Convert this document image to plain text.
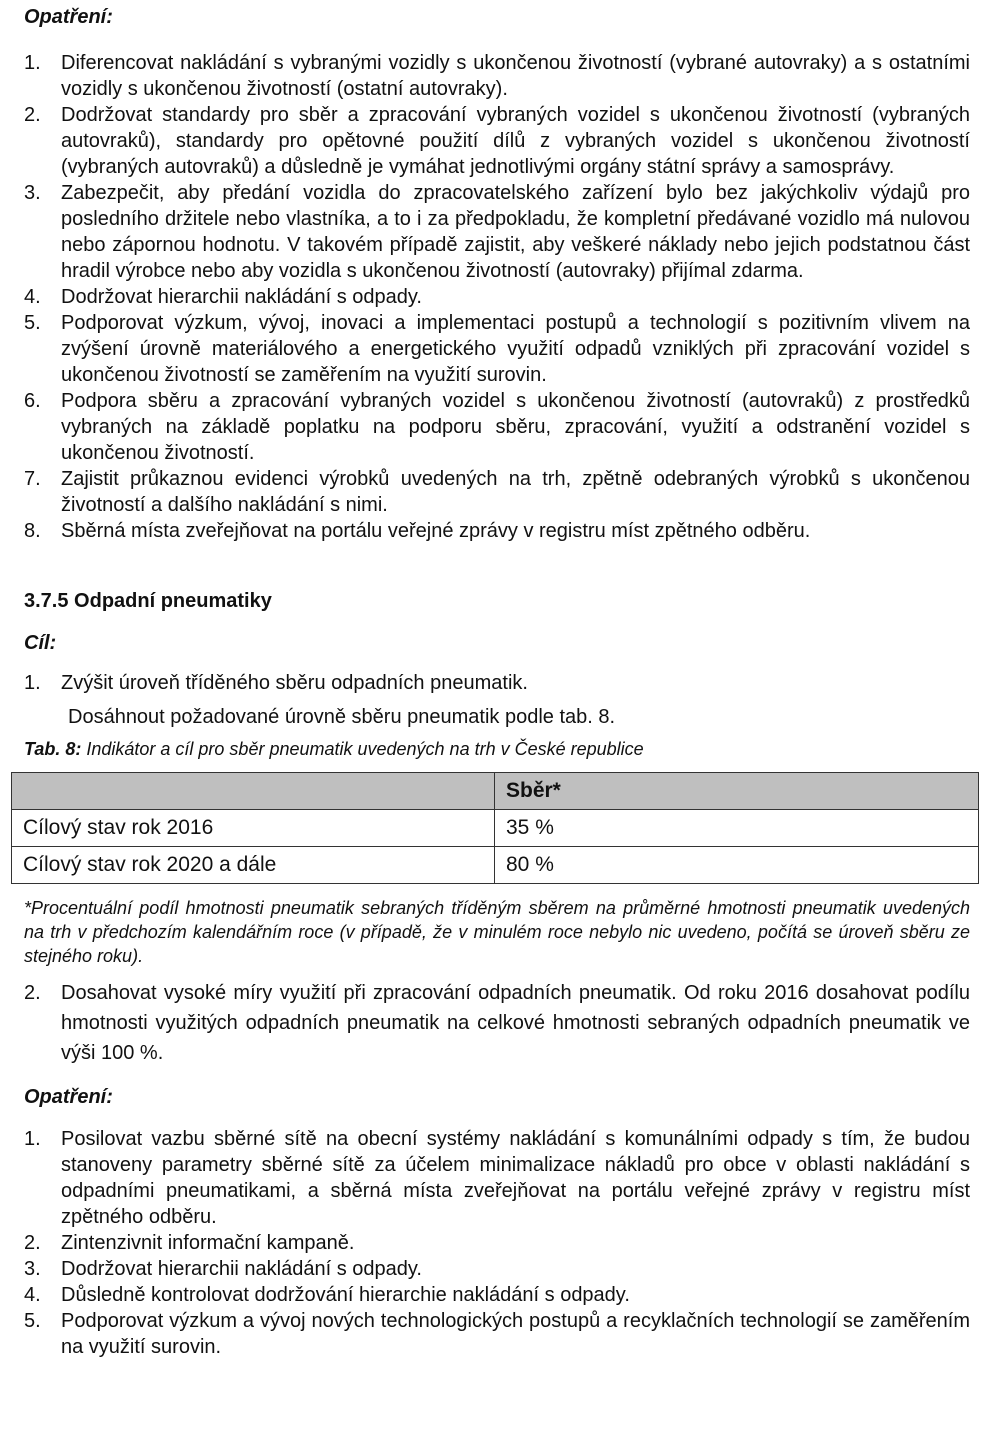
Opatření:

1. Diferencovat nakládání s vybranými vozidly s ukončenou životností (vybrané autovraky) a s ostatními vozidly s ukončenou životností (ostatní autovraky).
2. Dodržovat standardy pro sběr a zpracování vybraných vozidel s ukončenou životností (vybraných autovraků), standardy pro opětovné použití dílů z vybraných vozidel s ukončenou životností (vybraných autovraků) a důsledně je vymáhat jednotlivými orgány státní správy a samosprávy.
3. Zabezpečit, aby předání vozidla do zpracovatelského zařízení bylo bez jakýchkoliv výdajů pro posledního držitele nebo vlastníka, a to i za předpokladu, že kompletní předávané vozidlo má nulovou nebo zápornou hodnotu. V takovém případě zajistit, aby veškeré náklady nebo jejich podstatnou část hradil výrobce nebo aby vozidla s ukončenou životností (autovraky) přijímal zdarma.
4. Dodržovat hierarchii nakládání s odpady.
5. Podporovat výzkum, vývoj, inovaci a implementaci postupů a technologií s pozitivním vlivem na zvýšení úrovně materiálového a energetického využití odpadů vzniklých při zpracování vozidel s ukončenou životností se zaměřením na využití surovin.
6. Podpora sběru a zpracování vybraných vozidel s ukončenou životností (autovraků) z prostředků vybraných na základě poplatku na podporu sběru, zpracování, využití a odstranění vozidel s ukončenou životností.
7. Zajistit průkaznou evidenci výrobků uvedených na trh, zpětně odebraných výrobků s ukončenou životností a dalšího nakládání s nimi.
8. Sběrná místa zveřejňovat na portálu veřejné zprávy v registru míst zpětného odběru.

3.7.5 Odpadní pneumatiky

Cíl:

1. Zvýšit úroveň tříděného sběru odpadních pneumatik.

Dosáhnout požadované úrovně sběru pneumatik podle tab. 8.

Tab. 8: Indikátor a cíl pro sběr pneumatik uvedených na trh v České republice

	Sběr*
Cílový stav rok 2016	35 %
Cílový stav rok 2020 a dále	80 %

*Procentuální podíl hmotnosti pneumatik sebraných tříděným sběrem na průměrné hmotnosti pneumatik uvedených na trh v předchozím kalendářním roce (v případě, že v minulém roce nebylo nic uvedeno, počítá se úroveň sběru ze stejného roku).

2. Dosahovat vysoké míry využití při zpracování odpadních pneumatik. Od roku 2016 dosahovat podílu hmotnosti využitých odpadních pneumatik na celkové hmotnosti sebraných odpadních pneumatik ve výši 100 %.

Opatření:

1. Posilovat vazbu sběrné sítě na obecní systémy nakládání s komunálními odpady s tím, že budou stanoveny parametry sběrné sítě za účelem minimalizace nákladů pro obce v oblasti nakládání s odpadními pneumatikami, a sběrná místa zveřejňovat na portálu veřejné zprávy v registru míst zpětného odběru.
2. Zintenzivnit informační kampaně.
3. Dodržovat hierarchii nakládání s odpady.
4. Důsledně kontrolovat dodržování hierarchie nakládání s odpady.
5. Podporovat výzkum a vývoj nových technologických postupů a recyklačních technologií se zaměřením na využití surovin.
